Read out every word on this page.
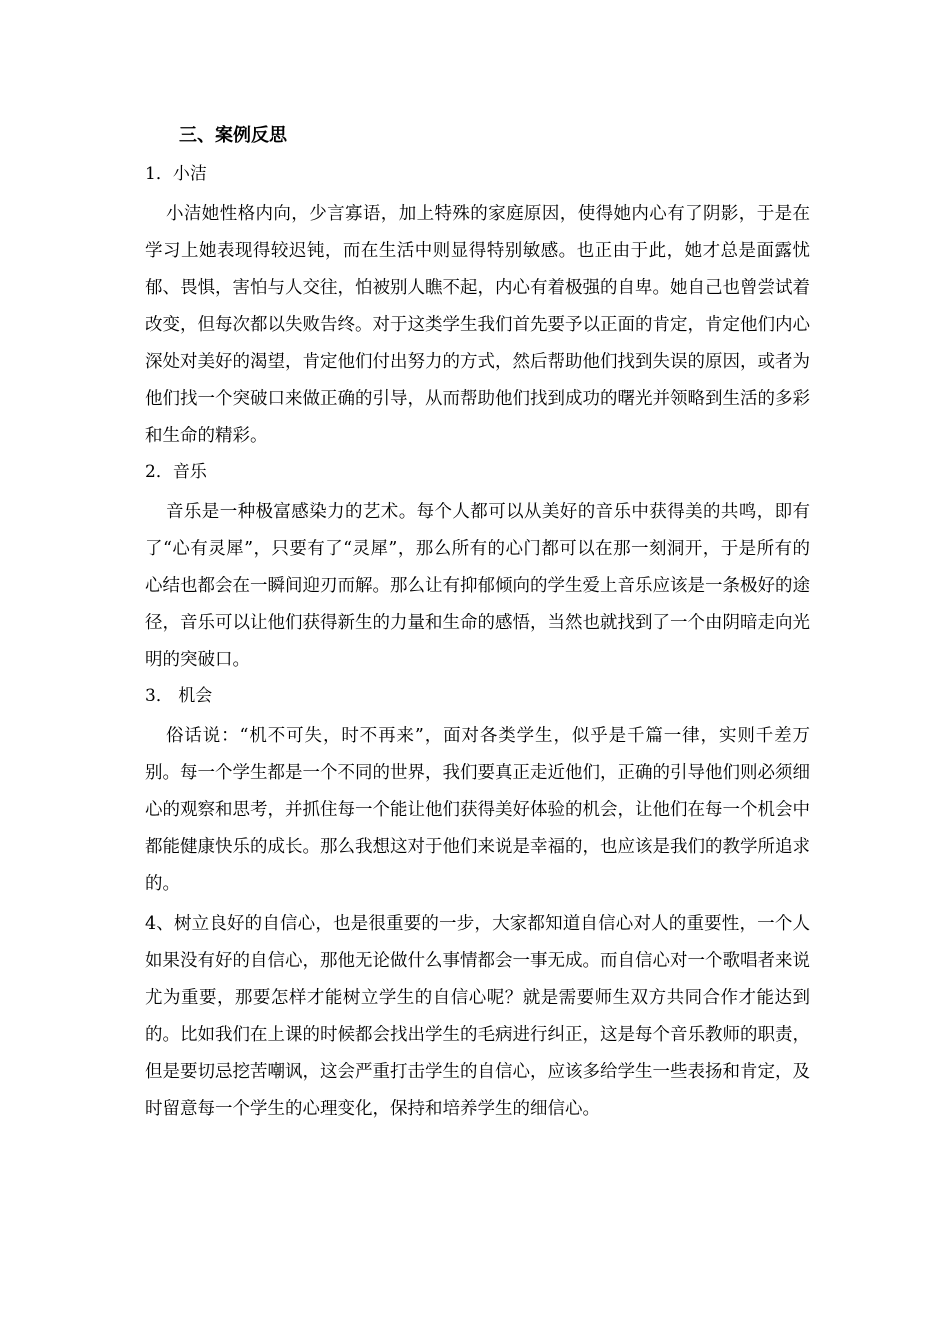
三、案例反思
1．小洁

小洁她性格内向，少言寡语，加上特殊的家庭原因，使得她内心有了阴影，于是在学习上她表现得较迟钝，而在生活中则显得特别敏感。也正由于此，她才总是面露忧郁、畏惧，害怕与人交往，怕被别人瞧不起，内心有着极强的自卑。她自己也曾尝试着改变，但每次都以失败告终。对于这类学生我们首先要予以正面的肯定，肯定他们内心深处对美好的渴望，肯定他们付出努力的方式，然后帮助他们找到失误的原因，或者为他们找一个突破口来做正确的引导，从而帮助他们找到成功的曙光并领略到生活的多彩和生命的精彩。

2．音乐

音乐是一种极富感染力的艺术。每个人都可以从美好的音乐中获得美的共鸣，即有了“心有灵犀”，只要有了“灵犀”，那么所有的心门都可以在那一刻洞开，于是所有的心结也都会在一瞬间迎刃而解。那么让有抑郁倾向的学生爱上音乐应该是一条极好的途径，音乐可以让他们获得新生的力量和生命的感悟，当然也就找到了一个由阴暗走向光明的突破口。

3． 机会

俗话说：“机不可失，时不再来”，面对各类学生，似乎是千篇一律，实则千差万别。每一个学生都是一个不同的世界，我们要真正走近他们，正确的引导他们则必须细心的观察和思考，并抓住每一个能让他们获得美好体验的机会，让他们在每一个机会中都能健康快乐的成长。那么我想这对于他们来说是幸福的，也应该是我们的教学所追求的。

4、树立良好的自信心，也是很重要的一步，大家都知道自信心对人的重要性，一个人如果没有好的自信心，那他无论做什么事情都会一事无成。而自信心对一个歌唱者来说尤为重要，那要怎样才能树立学生的自信心呢？就是需要师生双方共同合作才能达到的。比如我们在上课的时候都会找出学生的毛病进行纠正，这是每个音乐教师的职责，但是要切忌挖苦嘲讽，这会严重打击学生的自信心，应该多给学生一些表扬和肯定，及时留意每一个学生的心理变化，保持和培养学生的细信心。
